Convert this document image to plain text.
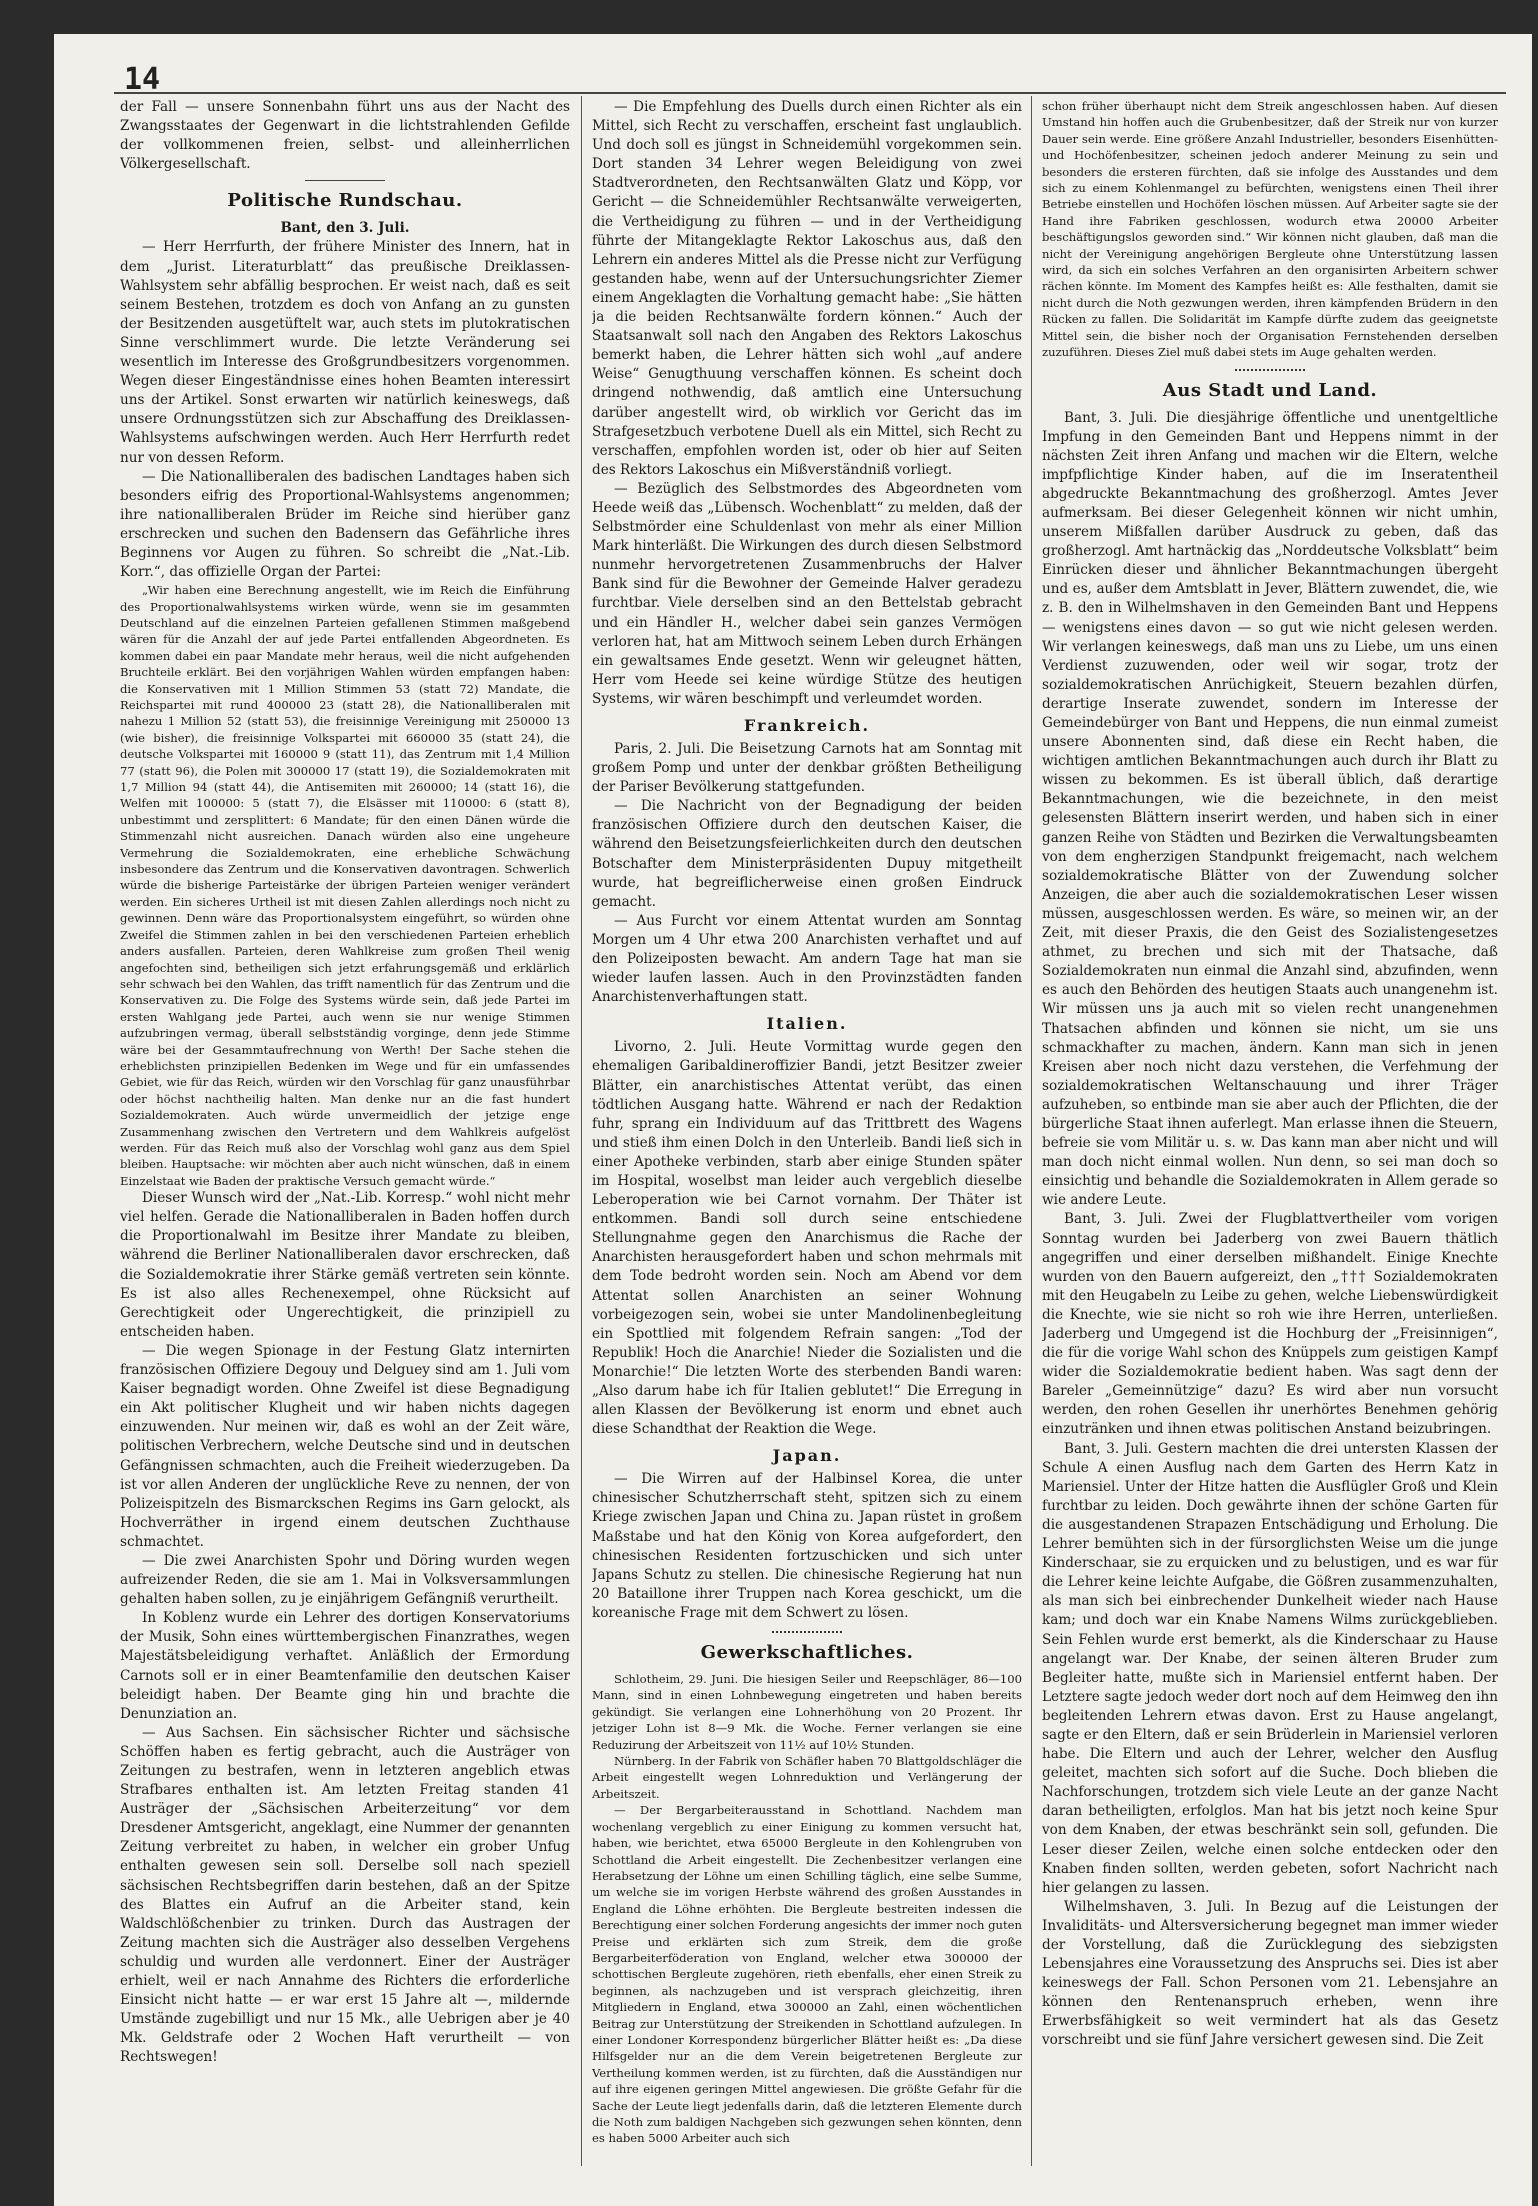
14

der Fall — unsere Sonnenbahn führt uns aus der Nacht des Zwangsstaates der Gegenwart in die lichtstrahlenden Gefilde der vollkommenen freien, selbst- und alleinherrlichen Völkergesellschaft.

Politische Rundschau.
Bant, den 3. Juli.

— Herr Herrfurth, der frühere Minister des Innern, hat in dem „Jurist. Literaturblatt“ das preußische Dreiklassen-Wahlsystem sehr abfällig besprochen. Er weist nach, daß es seit seinem Bestehen, trotzdem es doch von Anfang an zu gunsten der Besitzenden ausgetüftelt war, auch stets im plutokratischen Sinne verschlimmert wurde. Die letzte Veränderung sei wesentlich im Interesse des Großgrundbesitzers vorgenommen. Wegen dieser Eingeständnisse eines hohen Beamten interessirt uns der Artikel. Sonst erwarten wir natürlich keineswegs, daß unsere Ordnungsstützen sich zur Abschaffung des Dreiklassen-Wahlsystems aufschwingen werden. Auch Herr Herrfurth redet nur von dessen Reform.

— Die Nationalliberalen des badischen Landtages haben sich besonders eifrig des Proportional-Wahlsystems angenommen; ihre nationalliberalen Brüder im Reiche sind hierüber ganz erschrecken und suchen den Badensern das Gefährliche ihres Beginnens vor Augen zu führen. So schreibt die „Nat.-Lib. Korr.“, das offizielle Organ der Partei:

„Wir haben eine Berechnung angestellt, wie im Reich die Einführung des Proportionalwahlsystems wirken würde, wenn sie im gesammten Deutschland auf die einzelnen Parteien gefallenen Stimmen maßgebend wären für die Anzahl der auf jede Partei entfallenden Abgeordneten. Es kommen dabei ein paar Mandate mehr heraus, weil die nicht aufgehenden Bruchteile erklärt. Bei den vorjährigen Wahlen würden empfangen haben: die Konservativen mit 1 Million Stimmen 53 (statt 72) Mandate, die Reichspartei mit rund 400000 23 (statt 28), die Nationalliberalen mit nahezu 1 Million 52 (statt 53), die freisinnige Vereinigung mit 250000 13 (wie bisher), die freisinnige Volkspartei mit 660000 35 (statt 24), die deutsche Volkspartei mit 160000 9 (statt 11), das Zentrum mit 1,4 Million 77 (statt 96), die Polen mit 300000 17 (statt 19), die Sozialdemokraten mit 1,7 Million 94 (statt 44), die Antisemiten mit 260000; 14 (statt 16), die Welfen mit 100000: 5 (statt 7), die Elsässer mit 110000: 6 (statt 8), unbestimmt und zersplittert: 6 Mandate; für den einen Dänen würde die Stimmenzahl nicht ausreichen. Danach würden also eine ungeheure Vermehrung die Sozialdemokraten, eine erhebliche Schwächung insbesondere das Zentrum und die Konservativen davontragen. Schwerlich würde die bisherige Parteistärke der übrigen Parteien weniger verändert werden. Ein sicheres Urtheil ist mit diesen Zahlen allerdings noch nicht zu gewinnen. Denn wäre das Proportionalsystem eingeführt, so würden ohne Zweifel die Stimmen zahlen in bei den verschiedenen Parteien erheblich anders ausfallen. Parteien, deren Wahlkreise zum großen Theil wenig angefochten sind, betheiligen sich jetzt erfahrungsgemäß und erklärlich sehr schwach bei den Wahlen, das trifft namentlich für das Zentrum und die Konservativen zu. Die Folge des Systems würde sein, daß jede Partei im ersten Wahlgang jede Partei, auch wenn sie nur wenige Stimmen aufzubringen vermag, überall selbstständig vorginge, denn jede Stimme wäre bei der Gesammtaufrechnung von Werth! Der Sache stehen die erheblichsten prinzipiellen Bedenken im Wege und für ein umfassendes Gebiet, wie für das Reich, würden wir den Vorschlag für ganz unausführbar oder höchst nachtheilig halten. Man denke nur an die fast hundert Sozialdemokraten. Auch würde unvermeidlich der jetzige enge Zusammenhang zwischen den Vertretern und dem Wahlkreis aufgelöst werden. Für das Reich muß also der Vorschlag wohl ganz aus dem Spiel bleiben. Hauptsache: wir möchten aber auch nicht wünschen, daß in einem Einzelstaat wie Baden der praktische Versuch gemacht würde.“

Dieser Wunsch wird der „Nat.-Lib. Korresp.“ wohl nicht mehr viel helfen. Gerade die Nationalliberalen in Baden hoffen durch die Proportionalwahl im Besitze ihrer Mandate zu bleiben, während die Berliner Nationalliberalen davor erschrecken, daß die Sozialdemokratie ihrer Stärke gemäß vertreten sein könnte. Es ist also alles Rechenexempel, ohne Rücksicht auf Gerechtigkeit oder Ungerechtigkeit, die prinzipiell zu entscheiden haben.

— Die wegen Spionage in der Festung Glatz internirten französischen Offiziere Degouy und Delguey sind am 1. Juli vom Kaiser begnadigt worden. Ohne Zweifel ist diese Begnadigung ein Akt politischer Klugheit und wir haben nichts dagegen einzuwenden. Nur meinen wir, daß es wohl an der Zeit wäre, politischen Verbrechern, welche Deutsche sind und in deutschen Gefängnissen schmachten, auch die Freiheit wiederzugeben. Da ist vor allen Anderen der unglückliche Reve zu nennen, der von Polizeispitzeln des Bismarckschen Regims ins Garn gelockt, als Hochverräther in irgend einem deutschen Zuchthause schmachtet.

— Die zwei Anarchisten Spohr und Döring wurden wegen aufreizender Reden, die sie am 1. Mai in Volksversammlungen gehalten haben sollen, zu je einjährigem Gefängniß verurtheilt.

In Koblenz wurde ein Lehrer des dortigen Konservatoriums der Musik, Sohn eines württembergischen Finanzrathes, wegen Majestätsbeleidigung verhaftet. Anläßlich der Ermordung Carnots soll er in einer Beamtenfamilie den deutschen Kaiser beleidigt haben. Der Beamte ging hin und brachte die Denunziation an.

— Aus Sachsen. Ein sächsischer Richter und sächsische Schöffen haben es fertig gebracht, auch die Austräger von Zeitungen zu bestrafen, wenn in letzteren angeblich etwas Strafbares enthalten ist. Am letzten Freitag standen 41 Austräger der „Sächsischen Arbeiterzeitung“ vor dem Dresdener Amtsgericht, angeklagt, eine Nummer der genannten Zeitung verbreitet zu haben, in welcher ein grober Unfug enthalten gewesen sein soll. Derselbe soll nach speziell sächsischen Rechtsbegriffen darin bestehen, daß an der Spitze des Blattes ein Aufruf an die Arbeiter stand, kein Waldschlößchenbier zu trinken. Durch das Austragen der Zeitung machten sich die Austräger also desselben Vergehens schuldig und wurden alle verdonnert. Einer der Austräger erhielt, weil er nach Annahme des Richters die erforderliche Einsicht nicht hatte — er war erst 15 Jahre alt —, mildernde Umstände zugebilligt und nur 15 Mk., alle Uebrigen aber je 40 Mk. Geldstrafe oder 2 Wochen Haft verurtheilt — von Rechtswegen!

— Die Empfehlung des Duells durch einen Richter als ein Mittel, sich Recht zu verschaffen, erscheint fast unglaublich. Und doch soll es jüngst in Schneidemühl vorgekommen sein. Dort standen 34 Lehrer wegen Beleidigung von zwei Stadtverordneten, den Rechtsanwälten Glatz und Köpp, vor Gericht — die Schneidemühler Rechtsanwälte verweigerten, die Vertheidigung zu führen — und in der Vertheidigung führte der Mitangeklagte Rektor Lakoschus aus, daß den Lehrern ein anderes Mittel als die Presse nicht zur Verfügung gestanden habe, wenn auf der Untersuchungsrichter Ziemer einem Angeklagten die Vorhaltung gemacht habe: „Sie hätten ja die beiden Rechtsanwälte fordern können.“ Auch der Staatsanwalt soll nach den Angaben des Rektors Lakoschus bemerkt haben, die Lehrer hätten sich wohl „auf andere Weise“ Genugthuung verschaffen können. Es scheint doch dringend nothwendig, daß amtlich eine Untersuchung darüber angestellt wird, ob wirklich vor Gericht das im Strafgesetzbuch verbotene Duell als ein Mittel, sich Recht zu verschaffen, empfohlen worden ist, oder ob hier auf Seiten des Rektors Lakoschus ein Mißverständniß vorliegt.

— Bezüglich des Selbstmordes des Abgeordneten vom Heede weiß das „Lübensch. Wochenblatt“ zu melden, daß der Selbstmörder eine Schuldenlast von mehr als einer Million Mark hinterläßt. Die Wirkungen des durch diesen Selbstmord nunmehr hervorgetretenen Zusammenbruchs der Halver Bank sind für die Bewohner der Gemeinde Halver geradezu furchtbar. Viele derselben sind an den Bettelstab gebracht und ein Händler H., welcher dabei sein ganzes Vermögen verloren hat, hat am Mittwoch seinem Leben durch Erhängen ein gewaltsames Ende gesetzt. Wenn wir geleugnet hätten, Herr vom Heede sei keine würdige Stütze des heutigen Systems, wir wären beschimpft und verleumdet worden.

Frankreich.

Paris, 2. Juli. Die Beisetzung Carnots hat am Sonntag mit großem Pomp und unter der denkbar größten Betheiligung der Pariser Bevölkerung stattgefunden.

— Die Nachricht von der Begnadigung der beiden französischen Offiziere durch den deutschen Kaiser, die während den Beisetzungsfeierlichkeiten durch den deutschen Botschafter dem Ministerpräsidenten Dupuy mitgetheilt wurde, hat begreiflicherweise einen großen Eindruck gemacht.

— Aus Furcht vor einem Attentat wurden am Sonntag Morgen um 4 Uhr etwa 200 Anarchisten verhaftet und auf den Polizeiposten bewacht. Am andern Tage hat man sie wieder laufen lassen. Auch in den Provinzstädten fanden Anarchistenverhaftungen statt.

Italien.

Livorno, 2. Juli. Heute Vormittag wurde gegen den ehemaligen Garibaldineroffizier Bandi, jetzt Besitzer zweier Blätter, ein anarchistisches Attentat verübt, das einen tödtlichen Ausgang hatte. Während er nach der Redaktion fuhr, sprang ein Individuum auf das Trittbrett des Wagens und stieß ihm einen Dolch in den Unterleib. Bandi ließ sich in einer Apotheke verbinden, starb aber einige Stunden später im Hospital, woselbst man leider auch vergeblich dieselbe Leberoperation wie bei Carnot vornahm. Der Thäter ist entkommen. Bandi soll durch seine entschiedene Stellungnahme gegen den Anarchismus die Rache der Anarchisten herausgefordert haben und schon mehrmals mit dem Tode bedroht worden sein. Noch am Abend vor dem Attentat sollen Anarchisten an seiner Wohnung vorbeigezogen sein, wobei sie unter Mandolinenbegleitung ein Spottlied mit folgendem Refrain sangen: „Tod der Republik! Hoch die Anarchie! Nieder die Sozialisten und die Monarchie!“ Die letzten Worte des sterbenden Bandi waren: „Also darum habe ich für Italien geblutet!“ Die Erregung in allen Klassen der Bevölkerung ist enorm und ebnet auch diese Schandthat der Reaktion die Wege.

Japan.

— Die Wirren auf der Halbinsel Korea, die unter chinesischer Schutzherrschaft steht, spitzen sich zu einem Kriege zwischen Japan und China zu. Japan rüstet in großem Maßstabe und hat den König von Korea aufgefordert, den chinesischen Residenten fortzuschicken und sich unter Japans Schutz zu stellen. Die chinesische Regierung hat nun 20 Bataillone ihrer Truppen nach Korea geschickt, um die koreanische Frage mit dem Schwert zu lösen.

Gewerkschaftliches.

Schlotheim, 29. Juni. Die hiesigen Seiler und Reepschläger, 86—100 Mann, sind in einen Lohnbewegung eingetreten und haben bereits gekündigt. Sie verlangen eine Lohnerhöhung von 20 Prozent. Ihr jetziger Lohn ist 8—9 Mk. die Woche. Ferner verlangen sie eine Reduzirung der Arbeitszeit von 11½ auf 10½ Stunden.

Nürnberg. In der Fabrik von Schäfler haben 70 Blattgoldschläger die Arbeit eingestellt wegen Lohnreduktion und Verlängerung der Arbeitszeit.

— Der Bergarbeiterausstand in Schottland. Nachdem man wochenlang vergeblich zu einer Einigung zu kommen versucht hat, haben, wie berichtet, etwa 65000 Bergleute in den Kohlengruben von Schottland die Arbeit eingestellt. Die Zechenbesitzer verlangen eine Herabsetzung der Löhne um einen Schilling täglich, eine selbe Summe, um welche sie im vorigen Herbste während des großen Ausstandes in England die Löhne erhöhten. Die Bergleute bestreiten indessen die Berechtigung einer solchen Forderung angesichts der immer noch guten Preise und erklärten sich zum Streik, dem die große Bergarbeiterföderation von England, welcher etwa 300000 der schottischen Bergleute zugehören, rieth ebenfalls, eher einen Streik zu beginnen, als nachzugeben und ist versprach gleichzeitig, ihren Mitgliedern in England, etwa 300000 an Zahl, einen wöchentlichen Beitrag zur Unterstützung der Streikenden in Schottland aufzulegen. In einer Londoner Korrespondenz bürgerlicher Blätter heißt es: „Da diese Hilfsgelder nur an die dem Verein beigetretenen Bergleute zur Vertheilung kommen werden, ist zu fürchten, daß die Ausständigen nur auf ihre eigenen geringen Mittel angewiesen. Die größte Gefahr für die Sache der Leute liegt jedenfalls darin, daß die letzteren Elemente durch die Noth zum baldigen Nachgeben sich gezwungen sehen könnten, denn es haben 5000 Arbeiter auch sich

schon früher überhaupt nicht dem Streik angeschlossen haben. Auf diesen Umstand hin hoffen auch die Grubenbesitzer, daß der Streik nur von kurzer Dauer sein werde. Eine größere Anzahl Industrieller, besonders Eisenhütten- und Hochöfenbesitzer, scheinen jedoch anderer Meinung zu sein und besonders die ersteren fürchten, daß sie infolge des Ausstandes und dem sich zu einem Kohlenmangel zu befürchten, wenigstens einen Theil ihrer Betriebe einstellen und Hochöfen löschen müssen. Auf Arbeiter sagte sie der Hand ihre Fabriken geschlossen, wodurch etwa 20000 Arbeiter beschäftigungslos geworden sind.“ Wir können nicht glauben, daß man die nicht der Vereinigung angehörigen Bergleute ohne Unterstützung lassen wird, da sich ein solches Verfahren an den organisirten Arbeitern schwer rächen könnte. Im Moment des Kampfes heißt es: Alle festhalten, damit sie nicht durch die Noth gezwungen werden, ihren kämpfenden Brüdern in den Rücken zu fallen. Die Solidarität im Kampfe dürfte zudem das geeignetste Mittel sein, die bisher noch der Organisation Fernstehenden derselben zuzuführen. Dieses Ziel muß dabei stets im Auge gehalten werden.

Aus Stadt und Land.

Bant, 3. Juli. Die diesjährige öffentliche und unentgeltliche Impfung in den Gemeinden Bant und Heppens nimmt in der nächsten Zeit ihren Anfang und machen wir die Eltern, welche impfpflichtige Kinder haben, auf die im Inseratentheil abgedruckte Bekanntmachung des großherzogl. Amtes Jever aufmerksam. Bei dieser Gelegenheit können wir nicht umhin, unserem Mißfallen darüber Ausdruck zu geben, daß das großherzogl. Amt hartnäckig das „Norddeutsche Volksblatt“ beim Einrücken dieser und ähnlicher Bekanntmachungen übergeht und es, außer dem Amtsblatt in Jever, Blättern zuwendet, die, wie z. B. den in Wilhelmshaven in den Gemeinden Bant und Heppens — wenigstens eines davon — so gut wie nicht gelesen werden. Wir verlangen keineswegs, daß man uns zu Liebe, um uns einen Verdienst zuzuwenden, oder weil wir sogar, trotz der sozialdemokratischen Anrüchigkeit, Steuern bezahlen dürfen, derartige Inserate zuwendet, sondern im Interesse der Gemeindebürger von Bant und Heppens, die nun einmal zumeist unsere Abonnenten sind, daß diese ein Recht haben, die wichtigen amtlichen Bekanntmachungen auch durch ihr Blatt zu wissen zu bekommen. Es ist überall üblich, daß derartige Bekanntmachungen, wie die bezeichnete, in den meist gelesensten Blättern inserirt werden, und haben sich in einer ganzen Reihe von Städten und Bezirken die Verwaltungsbeamten von dem engherzigen Standpunkt freigemacht, nach welchem sozialdemokratische Blätter von der Zuwendung solcher Anzeigen, die aber auch die sozialdemokratischen Leser wissen müssen, ausgeschlossen werden. Es wäre, so meinen wir, an der Zeit, mit dieser Praxis, die den Geist des Sozialistengesetzes athmet, zu brechen und sich mit der Thatsache, daß Sozialdemokraten nun einmal die Anzahl sind, abzufinden, wenn es auch den Behörden des heutigen Staats auch unangenehm ist. Wir müssen uns ja auch mit so vielen recht unangenehmen Thatsachen abfinden und können sie nicht, um sie uns schmackhafter zu machen, ändern. Kann man sich in jenen Kreisen aber noch nicht dazu verstehen, die Verfehmung der sozialdemokratischen Weltanschauung und ihrer Träger aufzuheben, so entbinde man sie aber auch der Pflichten, die der bürgerliche Staat ihnen auferlegt. Man erlasse ihnen die Steuern, befreie sie vom Militär u. s. w. Das kann man aber nicht und will man doch nicht einmal wollen. Nun denn, so sei man doch so einsichtig und behandle die Sozialdemokraten in Allem gerade so wie andere Leute.

Bant, 3. Juli. Zwei der Flugblattvertheiler vom vorigen Sonntag wurden bei Jaderberg von zwei Bauern thätlich angegriffen und einer derselben mißhandelt. Einige Knechte wurden von den Bauern aufgereizt, den „††† Sozialdemokraten mit den Heugabeln zu Leibe zu gehen, welche Liebenswürdigkeit die Knechte, wie sie nicht so roh wie ihre Herren, unterließen. Jaderberg und Umgegend ist die Hochburg der „Freisinnigen“, die für die vorige Wahl schon des Knüppels zum geistigen Kampf wider die Sozialdemokratie bedient haben. Was sagt denn der Bareler „Gemeinnützige“ dazu? Es wird aber nun vorsucht werden, den rohen Gesellen ihr unerhörtes Benehmen gehörig einzutränken und ihnen etwas politischen Anstand beizubringen.

Bant, 3. Juli. Gestern machten die drei untersten Klassen der Schule A einen Ausflug nach dem Garten des Herrn Katz in Mariensiel. Unter der Hitze hatten die Ausflügler Groß und Klein furchtbar zu leiden. Doch gewährte ihnen der schöne Garten für die ausgestandenen Strapazen Entschädigung und Erholung. Die Lehrer bemühten sich in der fürsorglichsten Weise um die junge Kinderschaar, sie zu erquicken und zu belustigen, und es war für die Lehrer keine leichte Aufgabe, die Gößren zusammenzuhalten, als man sich bei einbrechender Dunkelheit wieder nach Hause kam; und doch war ein Knabe Namens Wilms zurückgeblieben. Sein Fehlen wurde erst bemerkt, als die Kinderschaar zu Hause angelangt war. Der Knabe, der seinen älteren Bruder zum Begleiter hatte, mußte sich in Mariensiel entfernt haben. Der Letztere sagte jedoch weder dort noch auf dem Heimweg den ihn begleitenden Lehrern etwas davon. Erst zu Hause angelangt, sagte er den Eltern, daß er sein Brüderlein in Mariensiel verloren habe. Die Eltern und auch der Lehrer, welcher den Ausflug geleitet, machten sich sofort auf die Suche. Doch blieben die Nachforschungen, trotzdem sich viele Leute an der ganze Nacht daran betheiligten, erfolglos. Man hat bis jetzt noch keine Spur von dem Knaben, der etwas beschränkt sein soll, gefunden. Die Leser dieser Zeilen, welche einen solche entdecken oder den Knaben finden sollten, werden gebeten, sofort Nachricht nach hier gelangen zu lassen.

Wilhelmshaven, 3. Juli. In Bezug auf die Leistungen der Invaliditäts- und Altersversicherung begegnet man immer wieder der Vorstellung, daß die Zurücklegung des siebzigsten Lebensjahres eine Voraussetzung des Anspruchs sei. Dies ist aber keineswegs der Fall. Schon Personen vom 21. Lebensjahre an können den Rentenanspruch erheben, wenn ihre Erwerbsfähigkeit so weit vermindert hat als das Gesetz vorschreibt und sie fünf Jahre versichert gewesen sind. Die Zeit
